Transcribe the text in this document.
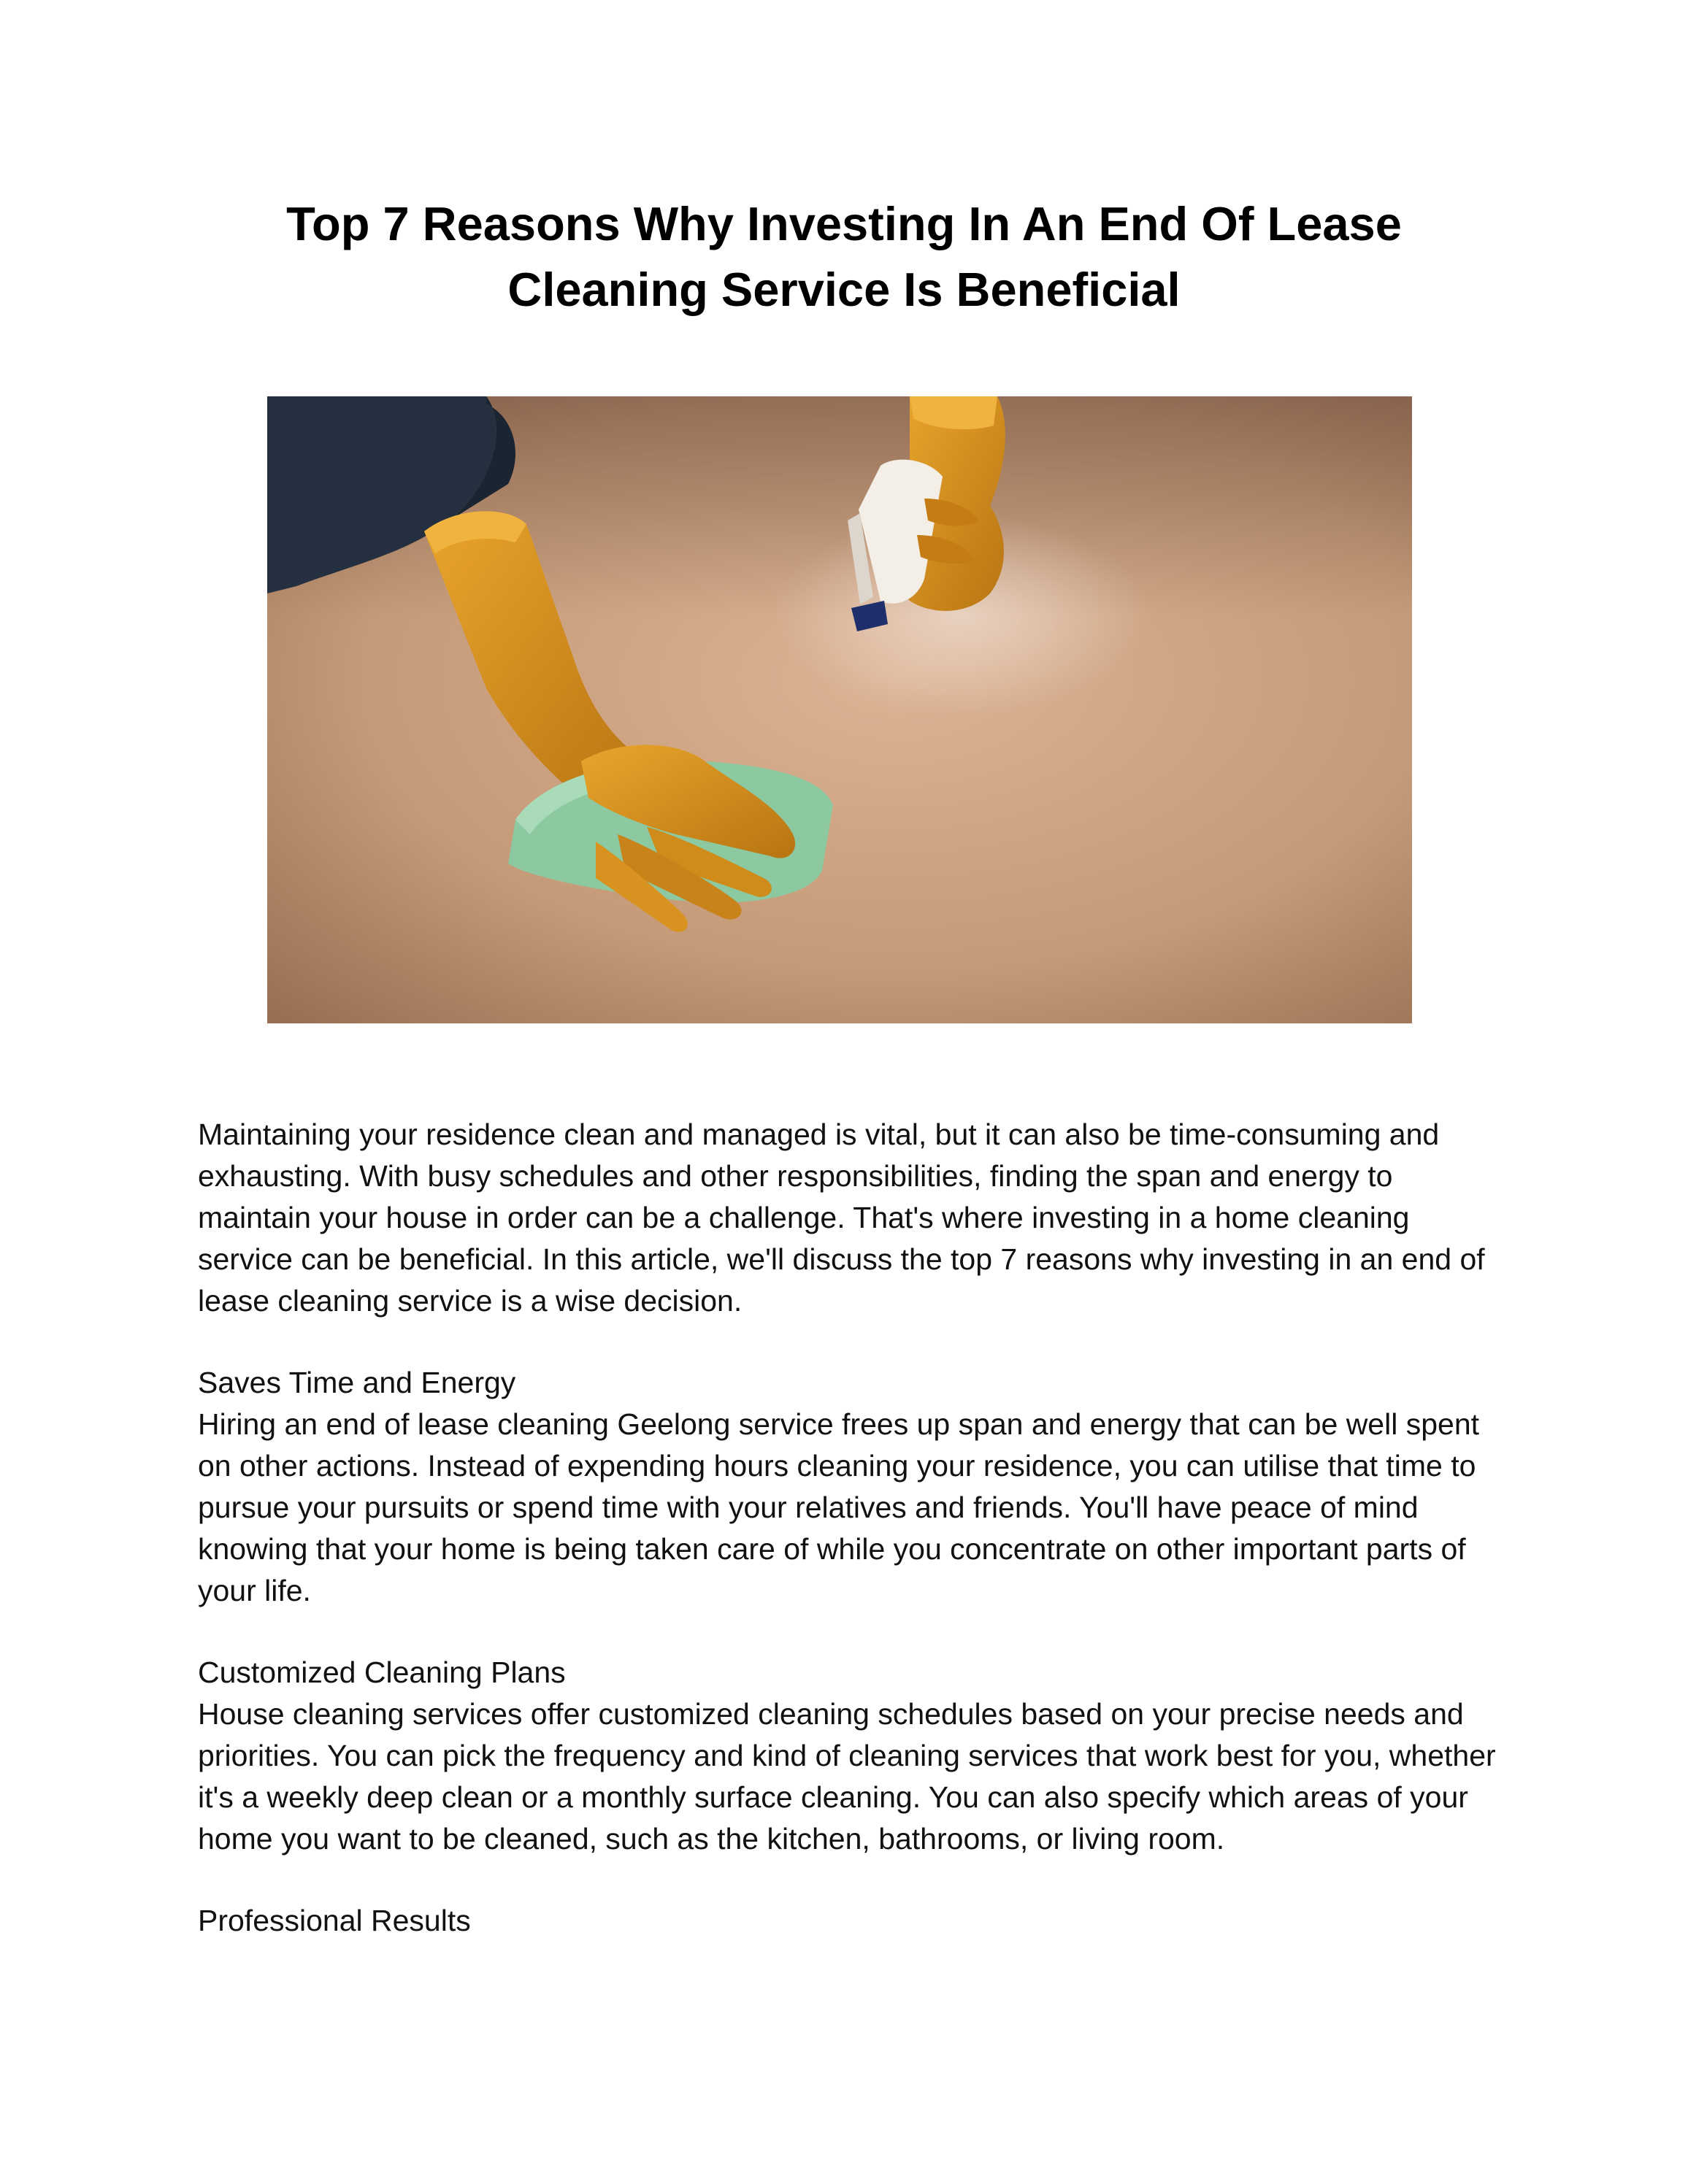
Top 7 Reasons Why Investing In An End Of Lease
Cleaning Service Is Beneficial

Maintaining your residence clean and managed is vital, but it can also be time-consuming and exhausting. With busy schedules and other responsibilities, finding the span and energy to maintain your house in order can be a challenge. That's where investing in a home cleaning service can be beneficial. In this article, we'll discuss the top 7 reasons why investing in an end of lease cleaning service is a wise decision.

Saves Time and Energy

Hiring an end of lease cleaning Geelong service frees up span and energy that can be well spent on other actions. Instead of expending hours cleaning your residence, you can utilise that time to pursue your pursuits or spend time with your relatives and friends. You'll have peace of mind knowing that your home is being taken care of while you concentrate on other important parts of your life.

Customized Cleaning Plans

House cleaning services offer customized cleaning schedules based on your precise needs and priorities. You can pick the frequency and kind of cleaning services that work best for you, whether it's a weekly deep clean or a monthly surface cleaning. You can also specify which areas of your home you want to be cleaned, such as the kitchen, bathrooms, or living room.

Professional Results
